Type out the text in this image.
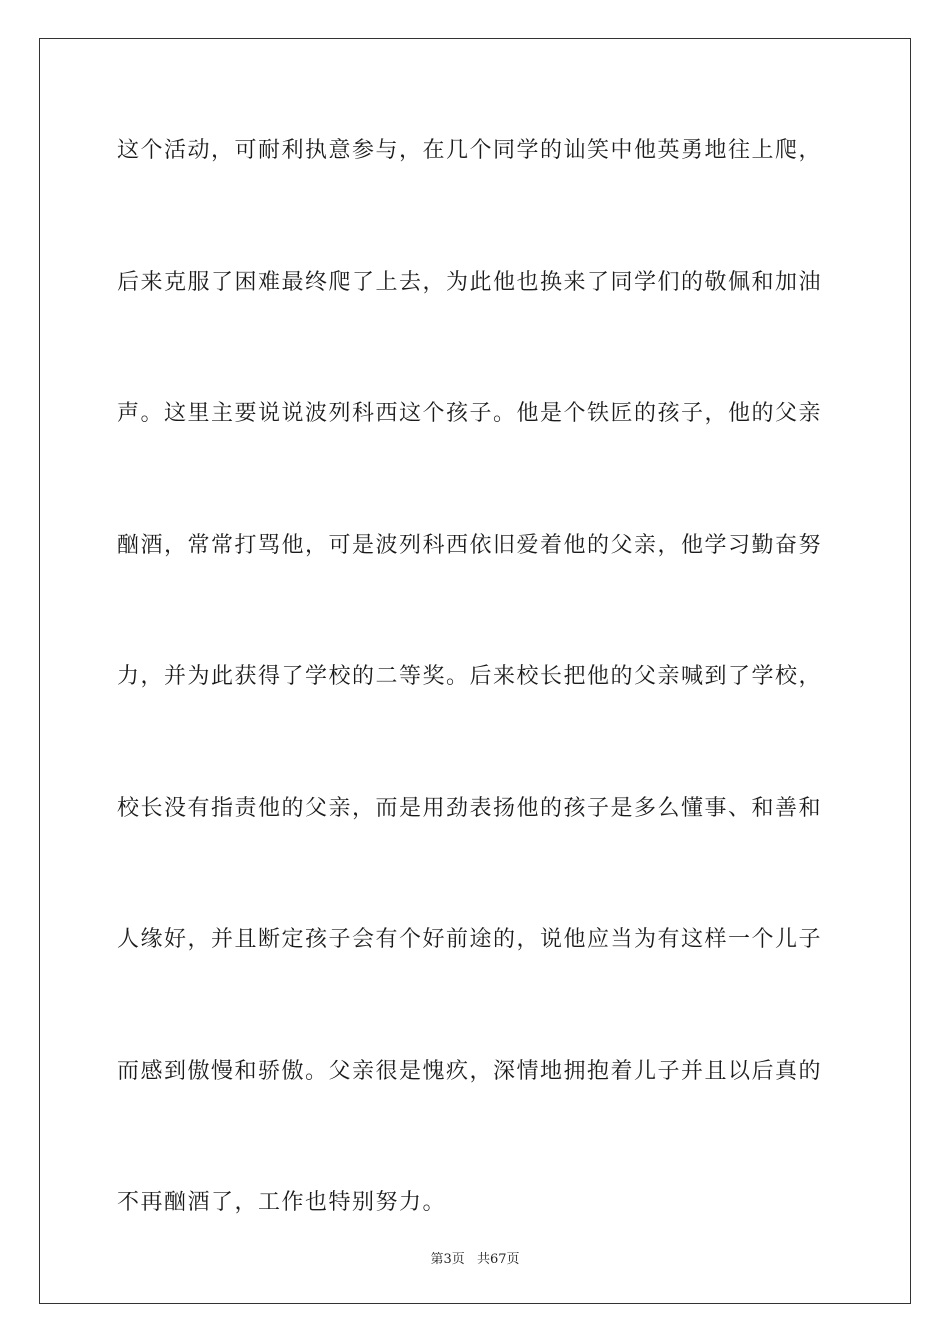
这个活动，可耐利执意参与，在几个同学的讪笑中他英勇地往上爬，
后来克服了困难最终爬了上去，为此他也换来了同学们的敬佩和加油
声。这里主要说说波列科西这个孩子。他是个铁匠的孩子，他的父亲
酗酒，常常打骂他，可是波列科西依旧爱着他的父亲，他学习勤奋努
力，并为此获得了学校的二等奖。后来校长把他的父亲喊到了学校，
校长没有指责他的父亲，而是用劲表扬他的孩子是多么懂事、和善和
人缘好，并且断定孩子会有个好前途的，说他应当为有这样一个儿子
而感到傲慢和骄傲。父亲很是愧疚，深情地拥抱着儿子并且以后真的
不再酗酒了，工作也特别努力。
第3页 共67页
